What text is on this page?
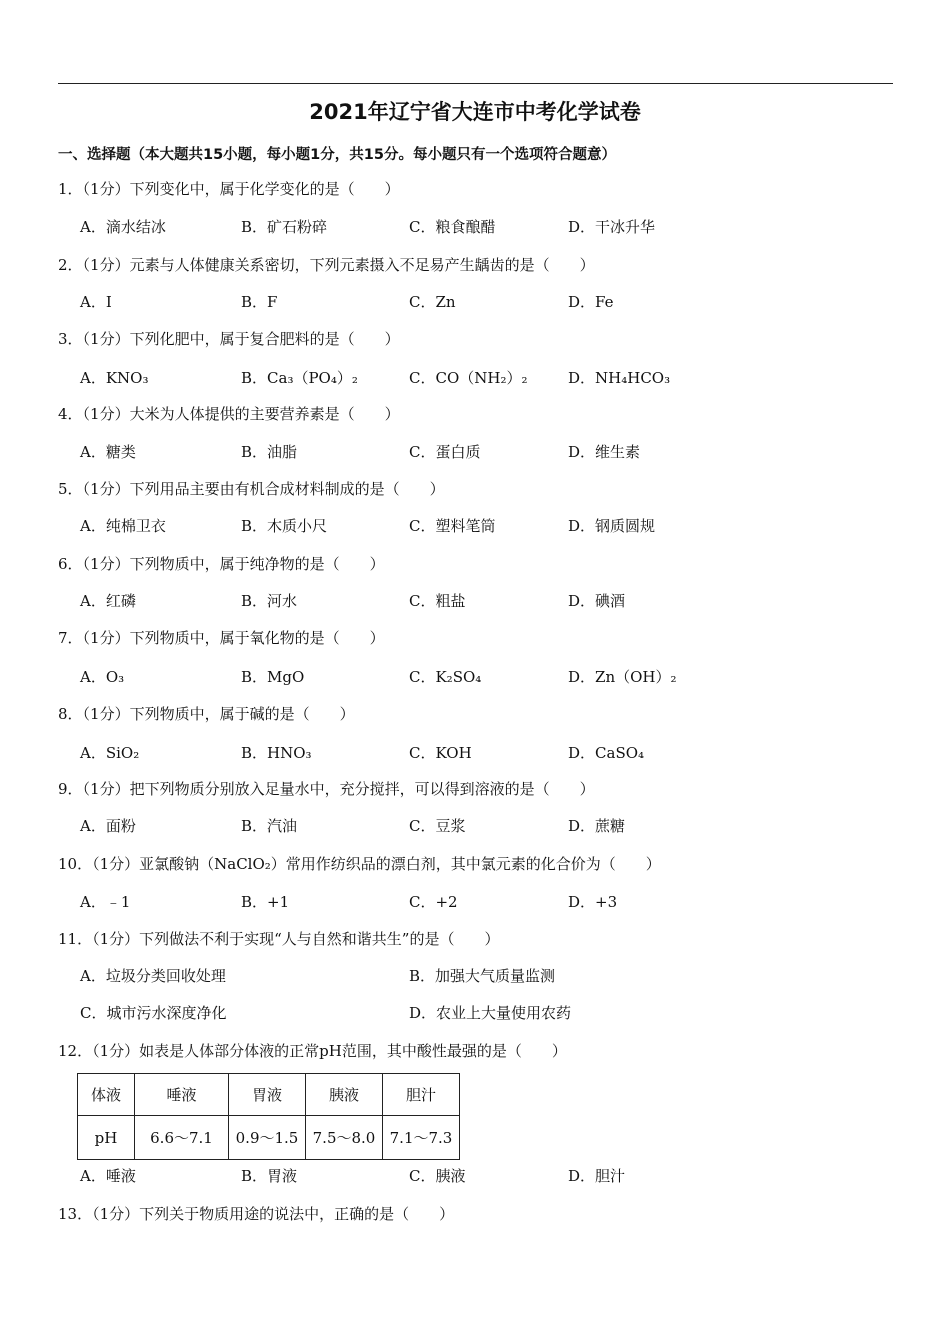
2021年辽宁省大连市中考化学试卷
一、选择题（本大题共15小题，每小题1分，共15分。每小题只有一个选项符合题意）
1．（1分）下列变化中，属于化学变化的是（　　）
A．滴水结冰	B．矿石粉碎	C．粮食酿醋	D．干冰升华
2．（1分）元素与人体健康关系密切，下列元素摄入不足易产生龋齿的是（　　）
A．I	B．F	C．Zn	D．Fe
3．（1分）下列化肥中，属于复合肥料的是（　　）
A．KNO₃	B．Ca₃（PO₄）₂	C．CO（NH₂）₂	D．NH₄HCO₃
4．（1分）大米为人体提供的主要营养素是（　　）
A．糖类	B．油脂	C．蛋白质	D．维生素
5．（1分）下列用品主要由有机合成材料制成的是（　　）
A．纯棉卫衣	B．木质小尺	C．塑料笔筒	D．钢质圆规
6．（1分）下列物质中，属于纯净物的是（　　）
A．红磷	B．河水	C．粗盐	D．碘酒
7．（1分）下列物质中，属于氧化物的是（　　）
A．O₃	B．MgO	C．K₂SO₄	D．Zn（OH）₂
8．（1分）下列物质中，属于碱的是（　　）
A．SiO₂	B．HNO₃	C．KOH	D．CaSO₄
9．（1分）把下列物质分别放入足量水中，充分搅拌，可以得到溶液的是（　　）
A．面粉	B．汽油	C．豆浆	D．蔗糖
10．（1分）亚氯酸钠（NaClO₂）常用作纺织品的漂白剂，其中氯元素的化合价为（　　）
A．﹣1	B．+1	C．+2	D．+3
11．（1分）下列做法不利于实现“人与自然和谐共生”的是（　　）
A．垃圾分类回收处理	B．加强大气质量监测
C．城市污水深度净化	D．农业上大量使用农药
12．（1分）如表是人体部分体液的正常pH范围，其中酸性最强的是（　　）
体液	唾液	胃液	胰液	胆汁
pH	6.6～7.1	0.9～1.5	7.5～8.0	7.1～7.3
A．唾液	B．胃液	C．胰液	D．胆汁
13．（1分）下列关于物质用途的说法中，正确的是（　　）
